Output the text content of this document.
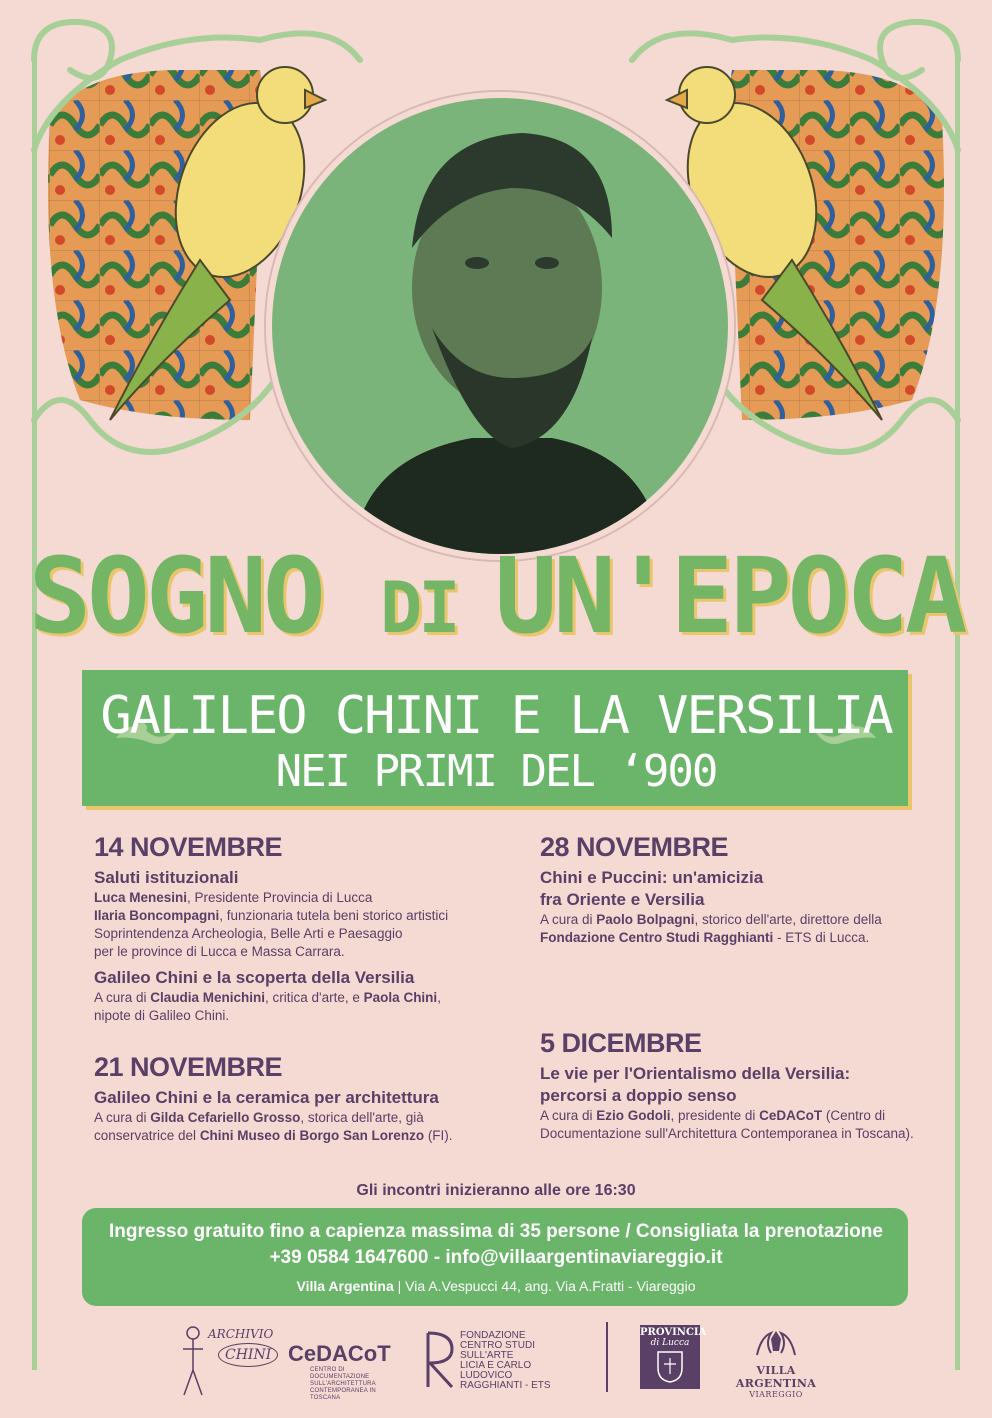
SOGNO DI UN'EPOCA
GALILEO CHINI E LA VERSILIA
NEI PRIMI DEL ‘900
14 NOVEMBRE
Saluti istituzionali
Luca Menesini, Presidente Provincia di Lucca
Ilaria Boncompagni, funzionaria tutela beni storico artistici
Soprintendenza Archeologia, Belle Arti e Paesaggio
per le province di Lucca e Massa Carrara.
Galileo Chini e la scoperta della Versilia
A cura di Claudia Menichini, critica d'arte, e Paola Chini,
nipote di Galileo Chini.
21 NOVEMBRE
Galileo Chini e la ceramica per architettura
A cura di Gilda Cefariello Grosso, storica dell'arte, già
conservatrice del Chini Museo di Borgo San Lorenzo (FI).
28 NOVEMBRE
Chini e Puccini: un'amicizia
fra Oriente e Versilia
A cura di Paolo Bolpagni, storico dell'arte, direttore della
Fondazione Centro Studi Ragghianti - ETS di Lucca.
5 DICEMBRE
Le vie per l'Orientalismo della Versilia:
percorsi a doppio senso
A cura di Ezio Godoli, presidente di CeDACoT (Centro di
Documentazione sull'Architettura Contemporanea in Toscana).
Gli incontri inizieranno alle ore 16:30
Ingresso gratuito fino a capienza massima di 35 persone / Consigliata la prenotazione
+39 0584 1647600 - info@villaargentinaviareggio.it
Villa Argentina | Via A.Vespucci 44, ang. Via A.Fratti - Viareggio
ARCHIVIO
CHINI CeDACoT
CENTRO DI DOCUMENTAZIONE
SULL'ARCHITETTURA
CONTEMPORANEA IN TOSCANA
FONDAZIONE
CENTRO STUDI
SULL'ARTE
LICIA E CARLO LUDOVICO
RAGGHIANTI - ETS
PROVINCIA
di Lucca
VILLA ARGENTINA
VIAREGGIO
